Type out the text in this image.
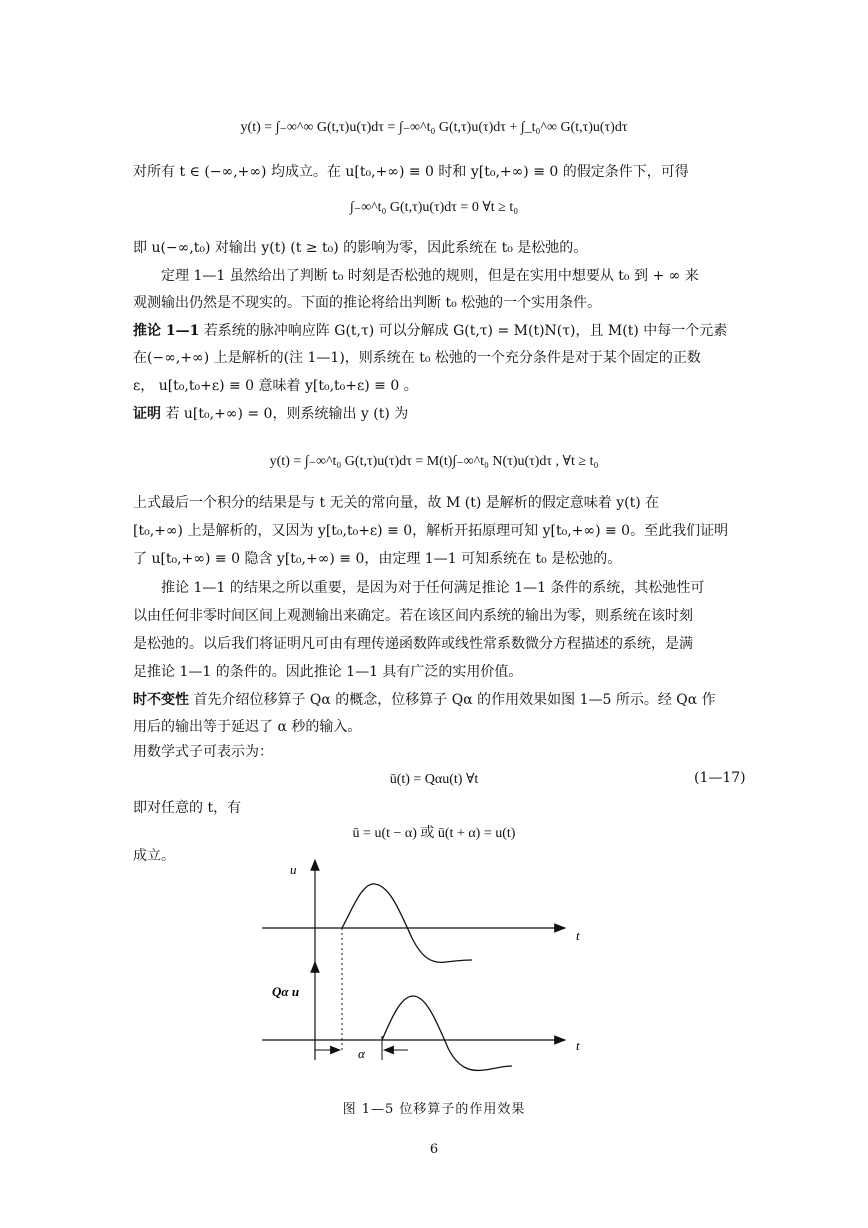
y(t) = ∫₋∞^∞ G(t,τ)u(τ)dτ = ∫₋∞^t₀ G(t,τ)u(τ)dτ + ∫_t₀^∞ G(t,τ)u(τ)dτ
对所有 t ∈ (−∞,+∞) 均成立。在 u[t₀,+∞) ≡ 0 时和 y[t₀,+∞) ≡ 0 的假定条件下，可得
∫₋∞^t₀ G(t,τ)u(τ)dτ = 0 ∀t ≥ t₀
即 u(−∞,t₀) 对输出 y(t) (t ≥ t₀) 的影响为零，因此系统在 t₀ 是松弛的。
定理 1—1 虽然给出了判断 t₀ 时刻是否松弛的规则，但是在实用中想要从 t₀ 到 + ∞ 来
观测输出仍然是不现实的。下面的推论将给出判断 t₀ 松弛的一个实用条件。
推论 1—1 若系统的脉冲响应阵 G(t,τ) 可以分解成 G(t,τ) = M(t)N(τ)，且 M(t) 中每一个元素
在(−∞,+∞) 上是解析的(注 1—1)，则系统在 t₀ 松弛的一个充分条件是对于某个固定的正数
ε， u[t₀,t₀+ε) ≡ 0 意味着 y[t₀,t₀+ε) ≡ 0 。
证明 若 u[t₀,+∞) = 0，则系统输出 y (t) 为
y(t) = ∫₋∞^t₀ G(t,τ)u(τ)dτ = M(t)∫₋∞^t₀ N(τ)u(τ)dτ , ∀t ≥ t₀
上式最后一个积分的结果是与 t 无关的常向量，故 M (t) 是解析的假定意味着 y(t) 在
[t₀,+∞) 上是解析的，又因为 y[t₀,t₀+ε) ≡ 0，解析开拓原理可知 y[t₀,+∞) ≡ 0。至此我们证明
了 u[t₀,+∞) ≡ 0 隐含 y[t₀,+∞) ≡ 0，由定理 1—1 可知系统在 t₀ 是松弛的。
推论 1—1 的结果之所以重要，是因为对于任何满足推论 1—1 条件的系统，其松弛性可
以由任何非零时间区间上观测输出来确定。若在该区间内系统的输出为零，则系统在该时刻
是松弛的。以后我们将证明凡可由有理传递函数阵或线性常系数微分方程描述的系统，是满
足推论 1—1 的条件的。因此推论 1—1 具有广泛的实用价值。
时不变性 首先介绍位移算子 Qα 的概念，位移算子 Qα 的作用效果如图 1—5 所示。经 Qα 作
用后的输出等于延迟了 α 秒的输入。
用数学式子可表示为：
ū(t) = Qαu(t) ∀t	(1—17)
即对任意的 t，有
ū = u(t − α) 或 ū(t + α) = u(t)
成立。
u
t
Qα u
t
α
图 1—5 位移算子的作用效果
6
